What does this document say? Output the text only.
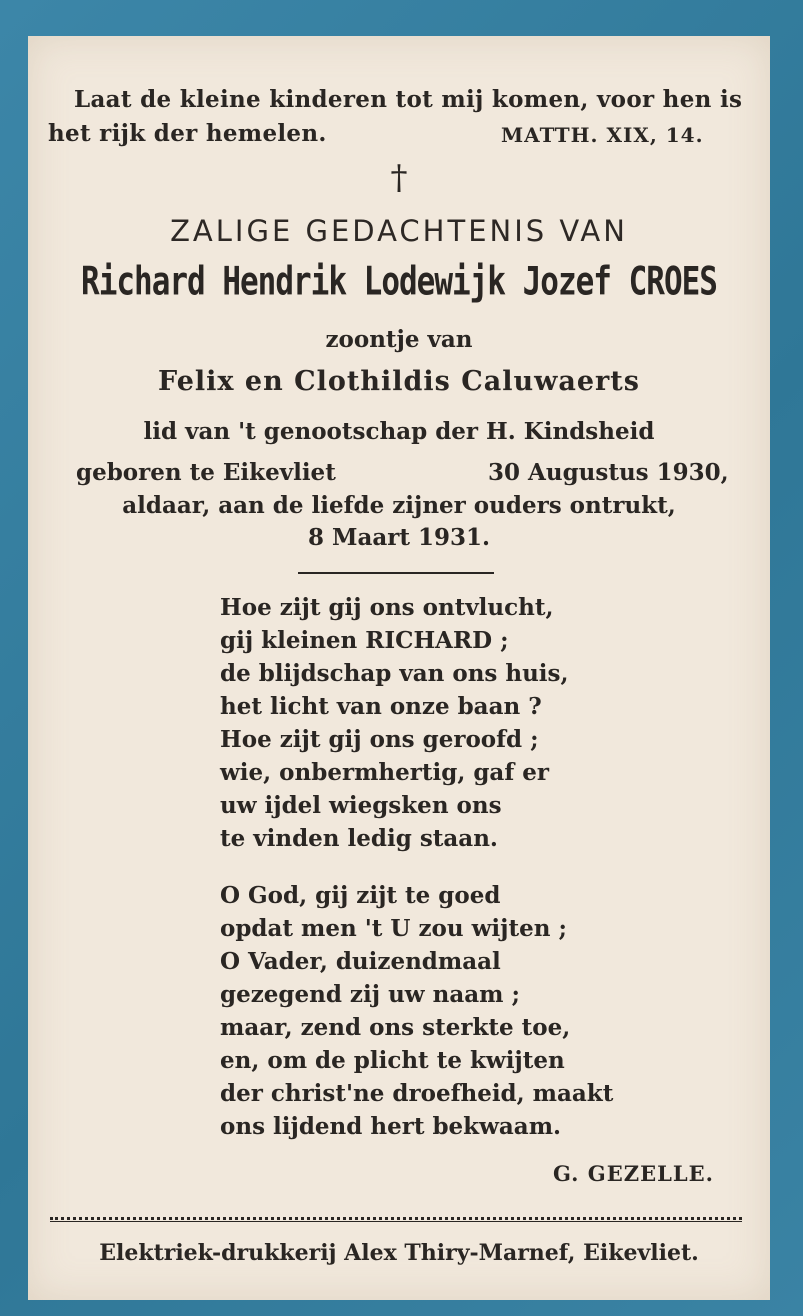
Laat de kleine kinderen tot mij komen, voor hen is
het rijk der hemelen.	MATTH. XIX, 14.
†
ZALIGE GEDACHTENIS VAN
Richard Hendrik Lodewijk Jozef CROES
zoontje van
Felix en Clothildis Caluwaerts
lid van 't genootschap der H. Kindsheid
geboren te Eikevliet	30 Augustus 1930,
aldaar, aan de liefde zijner ouders ontrukt,
8 Maart 1931.
Hoe zijt gij ons ontvlucht,
gij kleinen RICHARD ;
de blijdschap van ons huis,
het licht van onze baan ?
Hoe zijt gij ons geroofd ;
wie, onbermhertig, gaf er
uw ijdel wiegsken ons
te vinden ledig staan.
O God, gij zijt te goed
opdat men 't U zou wijten ;
O Vader, duizendmaal
gezegend zij uw naam ;
maar, zend ons sterkte toe,
en, om de plicht te kwijten
der christ'ne droefheid, maakt
ons lijdend hert bekwaam.
G. GEZELLE.
Elektriek-drukkerij Alex Thiry-Marnef, Eikevliet.
